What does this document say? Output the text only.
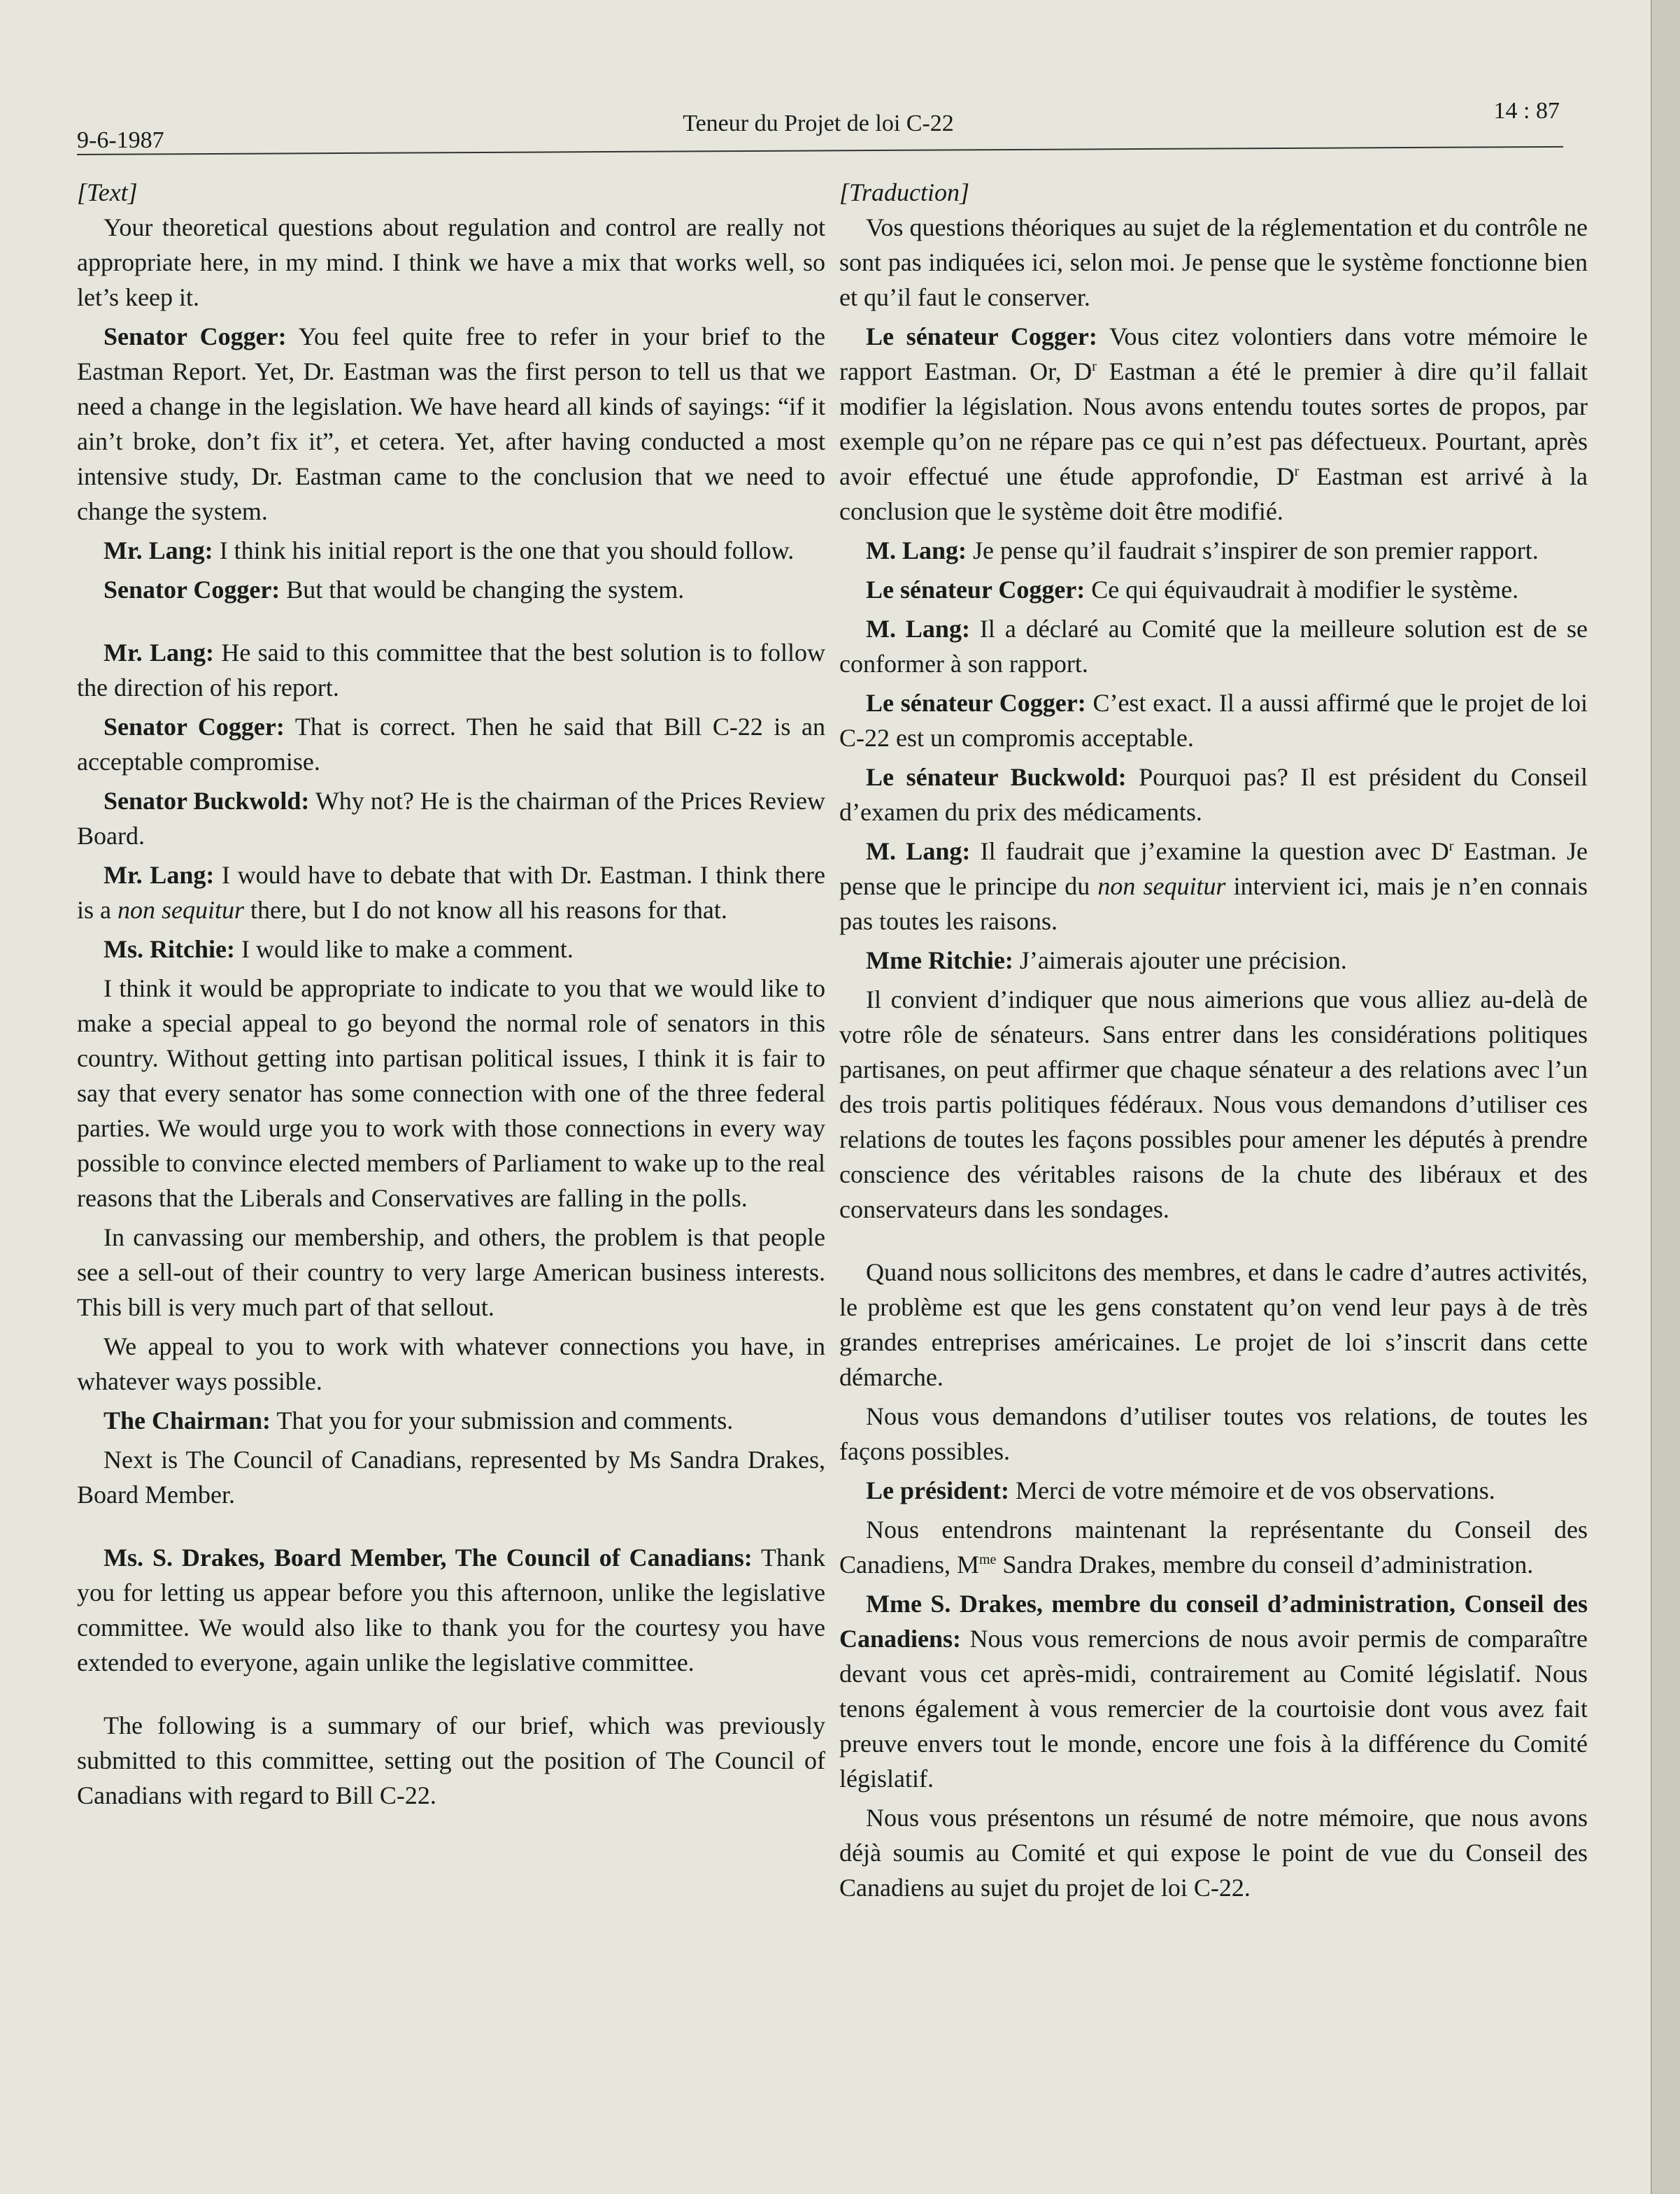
9-6-1987
Teneur du Projet de loi C-22	14 : 87
[Text]

Your theoretical questions about regulation and control are really not appropriate here, in my mind. I think we have a mix that works well, so let’s keep it.

Senator Cogger: You feel quite free to refer in your brief to the Eastman Report. Yet, Dr. Eastman was the first person to tell us that we need a change in the legislation. We have heard all kinds of sayings: “if it ain’t broke, don’t fix it”, et cetera. Yet, after having conducted a most intensive study, Dr. Eastman came to the conclusion that we need to change the system.

Mr. Lang: I think his initial report is the one that you should follow.

Senator Cogger: But that would be changing the system.

Mr. Lang: He said to this committee that the best solution is to follow the direction of his report.

Senator Cogger: That is correct. Then he said that Bill C-22 is an acceptable compromise.

Senator Buckwold: Why not? He is the chairman of the Prices Review Board.

Mr. Lang: I would have to debate that with Dr. Eastman. I think there is a non sequitur there, but I do not know all his reasons for that.

Ms. Ritchie: I would like to make a comment.

I think it would be appropriate to indicate to you that we would like to make a special appeal to go beyond the normal role of senators in this country. Without getting into partisan political issues, I think it is fair to say that every senator has some connection with one of the three federal parties. We would urge you to work with those connections in every way possible to convince elected members of Parliament to wake up to the real reasons that the Liberals and Conservatives are falling in the polls.

In canvassing our membership, and others, the problem is that people see a sell-out of their country to very large American business interests. This bill is very much part of that sellout.

We appeal to you to work with whatever connections you have, in whatever ways possible.

The Chairman: That you for your submission and comments.

Next is The Council of Canadians, represented by Ms Sandra Drakes, Board Member.

Ms. S. Drakes, Board Member, The Council of Canadians: Thank you for letting us appear before you this afternoon, unlike the legislative committee. We would also like to thank you for the courtesy you have extended to everyone, again unlike the legislative committee.

The following is a summary of our brief, which was previously submitted to this committee, setting out the position of The Council of Canadians with regard to Bill C-22.

[Traduction]

Vos questions théoriques au sujet de la réglementation et du contrôle ne sont pas indiquées ici, selon moi. Je pense que le système fonctionne bien et qu’il faut le conserver.

Le sénateur Cogger: Vous citez volontiers dans votre mémoire le rapport Eastman. Or, $D^r$ Eastman a été le premier à dire qu’il fallait modifier la législation. Nous avons entendu toutes sortes de propos, par exemple qu’on ne répare pas ce qui n’est pas défectueux. Pourtant, après avoir effectué une étude approfondie, $D^r$ Eastman est arrivé à la conclusion que le système doit être modifié.

M. Lang: Je pense qu’il faudrait s’inspirer de son premier rapport.

Le sénateur Cogger: Ce qui équivaudrait à modifier le système.

M. Lang: Il a déclaré au Comité que la meilleure solution est de se conformer à son rapport.

Le sénateur Cogger: C’est exact. Il a aussi affirmé que le projet de loi C-22 est un compromis acceptable.

Le sénateur Buckwold: Pourquoi pas? Il est président du Conseil d’examen du prix des médicaments.

M. Lang: Il faudrait que j’examine la question avec $D^r$ Eastman. Je pense que le principe du non sequitur intervient ici, mais je n’en connais pas toutes les raisons.

Mme Ritchie: J’aimerais ajouter une précision.

Il convient d’indiquer que nous aimerions que vous alliez au-delà de votre rôle de sénateurs. Sans entrer dans les considérations politiques partisanes, on peut affirmer que chaque sénateur a des relations avec l’un des trois partis politiques fédéraux. Nous vous demandons d’utiliser ces relations de toutes les façons possibles pour amener les députés à prendre conscience des véritables raisons de la chute des libéraux et des conservateurs dans les sondages.

Quand nous sollicitons des membres, et dans le cadre d’autres activités, le problème est que les gens constatent qu’on vend leur pays à de très grandes entreprises américaines. Le projet de loi s’inscrit dans cette démarche.

Nous vous demandons d’utiliser toutes vos relations, de toutes les façons possibles.

Le président: Merci de votre mémoire et de vos observations.

Nous entendrons maintenant la représentante du Conseil des Canadiens, $M^{me}$ Sandra Drakes, membre du conseil d’administration.

Mme S. Drakes, membre du conseil d’administration, Conseil des Canadiens: Nous vous remercions de nous avoir permis de comparaître devant vous cet après-midi, contrairement au Comité législatif. Nous tenons également à vous remercier de la courtoisie dont vous avez fait preuve envers tout le monde, encore une fois à la différence du Comité législatif.

Nous vous présentons un résumé de notre mémoire, que nous avons déjà soumis au Comité et qui expose le point de vue du Conseil des Canadiens au sujet du projet de loi C-22.
